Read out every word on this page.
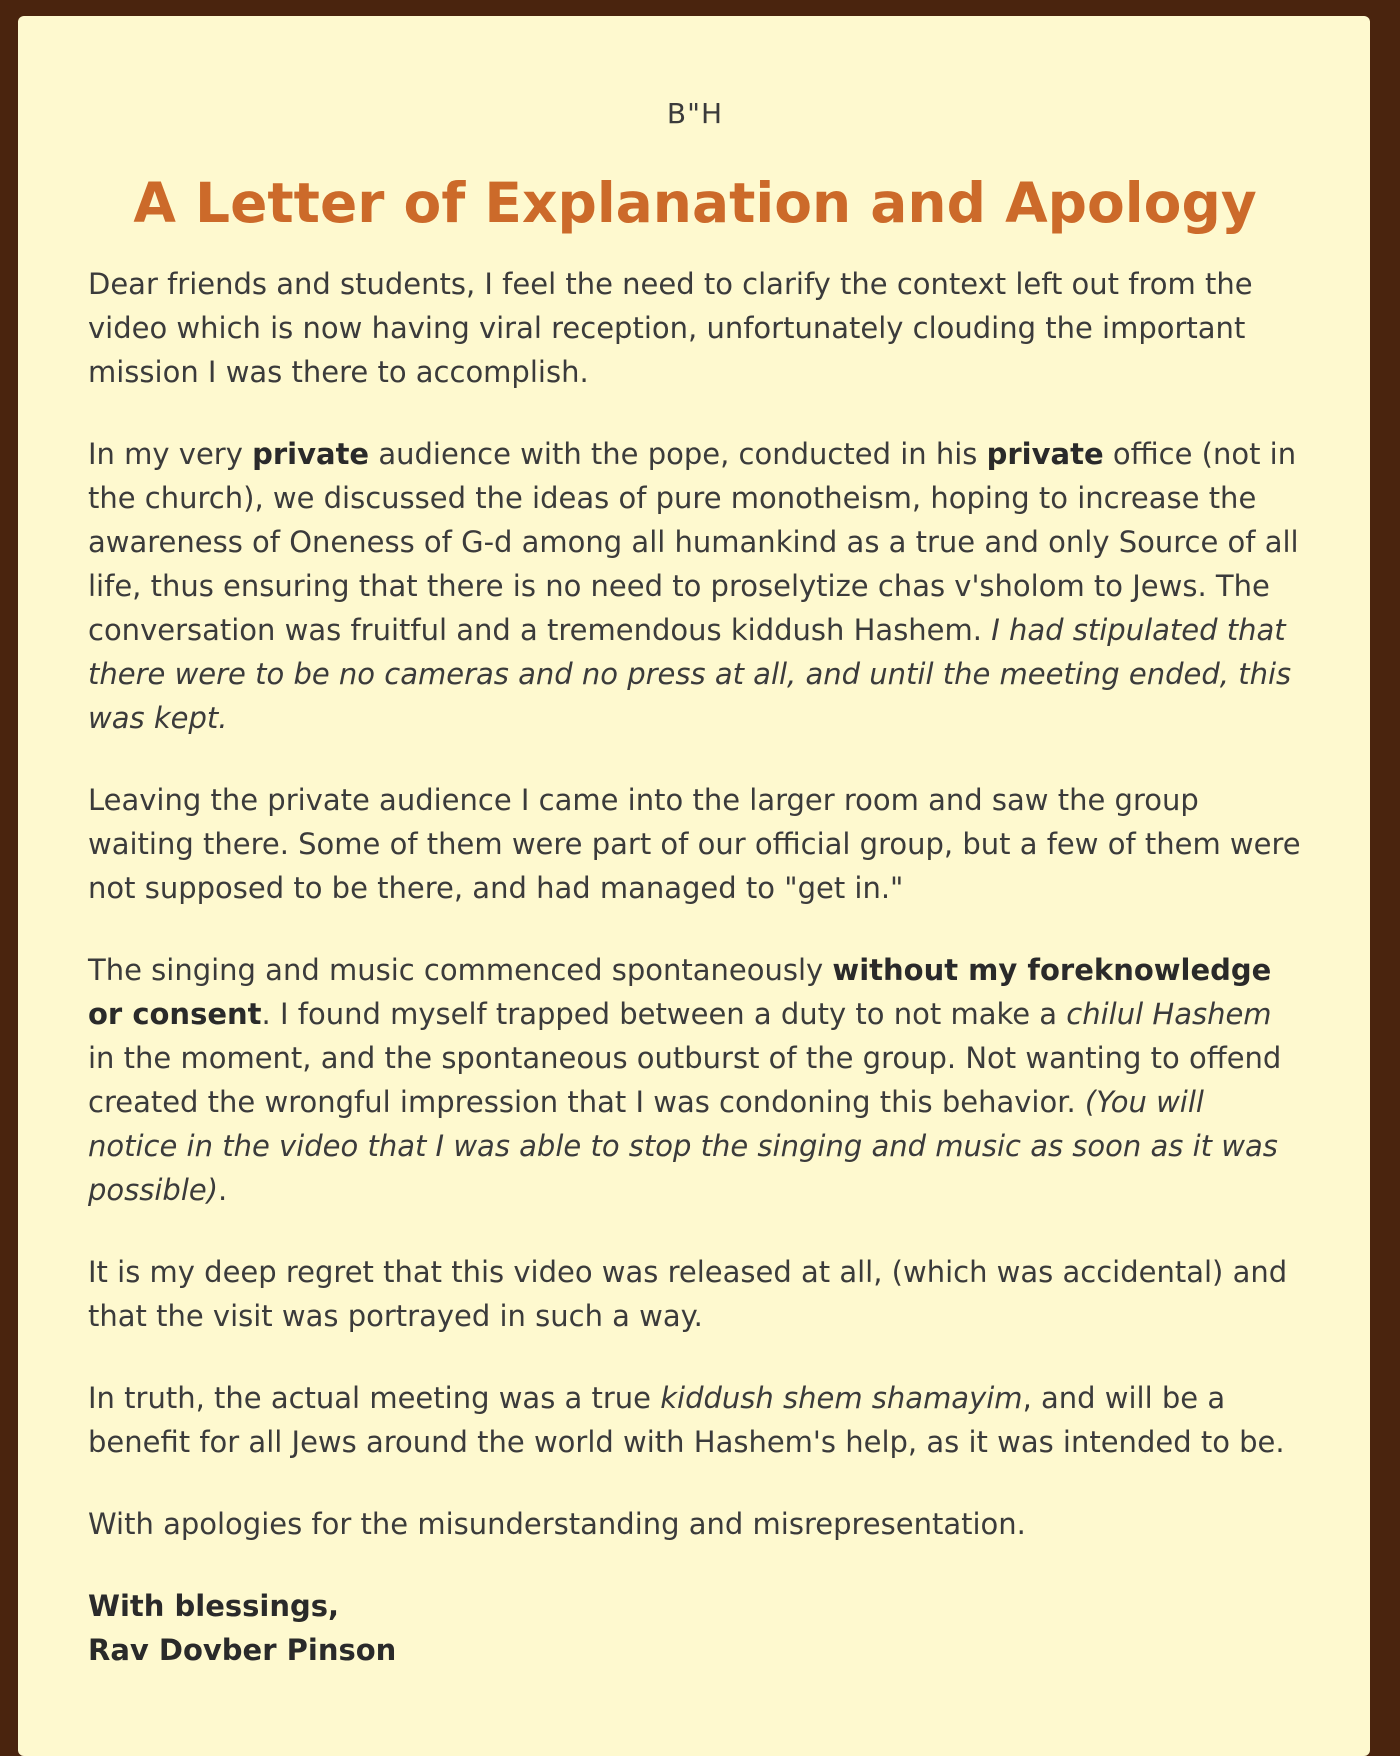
B"H
A Letter of Explanation and Apology

Dear friends and students, I feel the need to clarify the context left out from the video which is now having viral reception, unfortunately clouding the important mission I was there to accomplish.

In my very private audience with the pope, conducted in his private office (not in the church), we discussed the ideas of pure monotheism, hoping to increase the awareness of Oneness of G-d among all humankind as a true and only Source of all life, thus ensuring that there is no need to proselytize chas v'sholom to Jews. The conversation was fruitful and a tremendous kiddush Hashem. I had stipulated that there were to be no cameras and no press at all, and until the meeting ended, this was kept.

Leaving the private audience I came into the larger room and saw the group waiting there. Some of them were part of our official group, but a few of them were not supposed to be there, and had managed to "get in."

The singing and music commenced spontaneously without my foreknowledge or consent. I found myself trapped between a duty to not make a chilul Hashem in the moment, and the spontaneous outburst of the group. Not wanting to offend created the wrongful impression that I was condoning this behavior. (You will notice in the video that I was able to stop the singing and music as soon as it was possible).

It is my deep regret that this video was released at all, (which was accidental) and that the visit was portrayed in such a way.

In truth, the actual meeting was a true kiddush shem shamayim, and will be a benefit for all Jews around the world with Hashem's help, as it was intended to be.

With apologies for the misunderstanding and misrepresentation.

With blessings,
Rav Dovber Pinson
